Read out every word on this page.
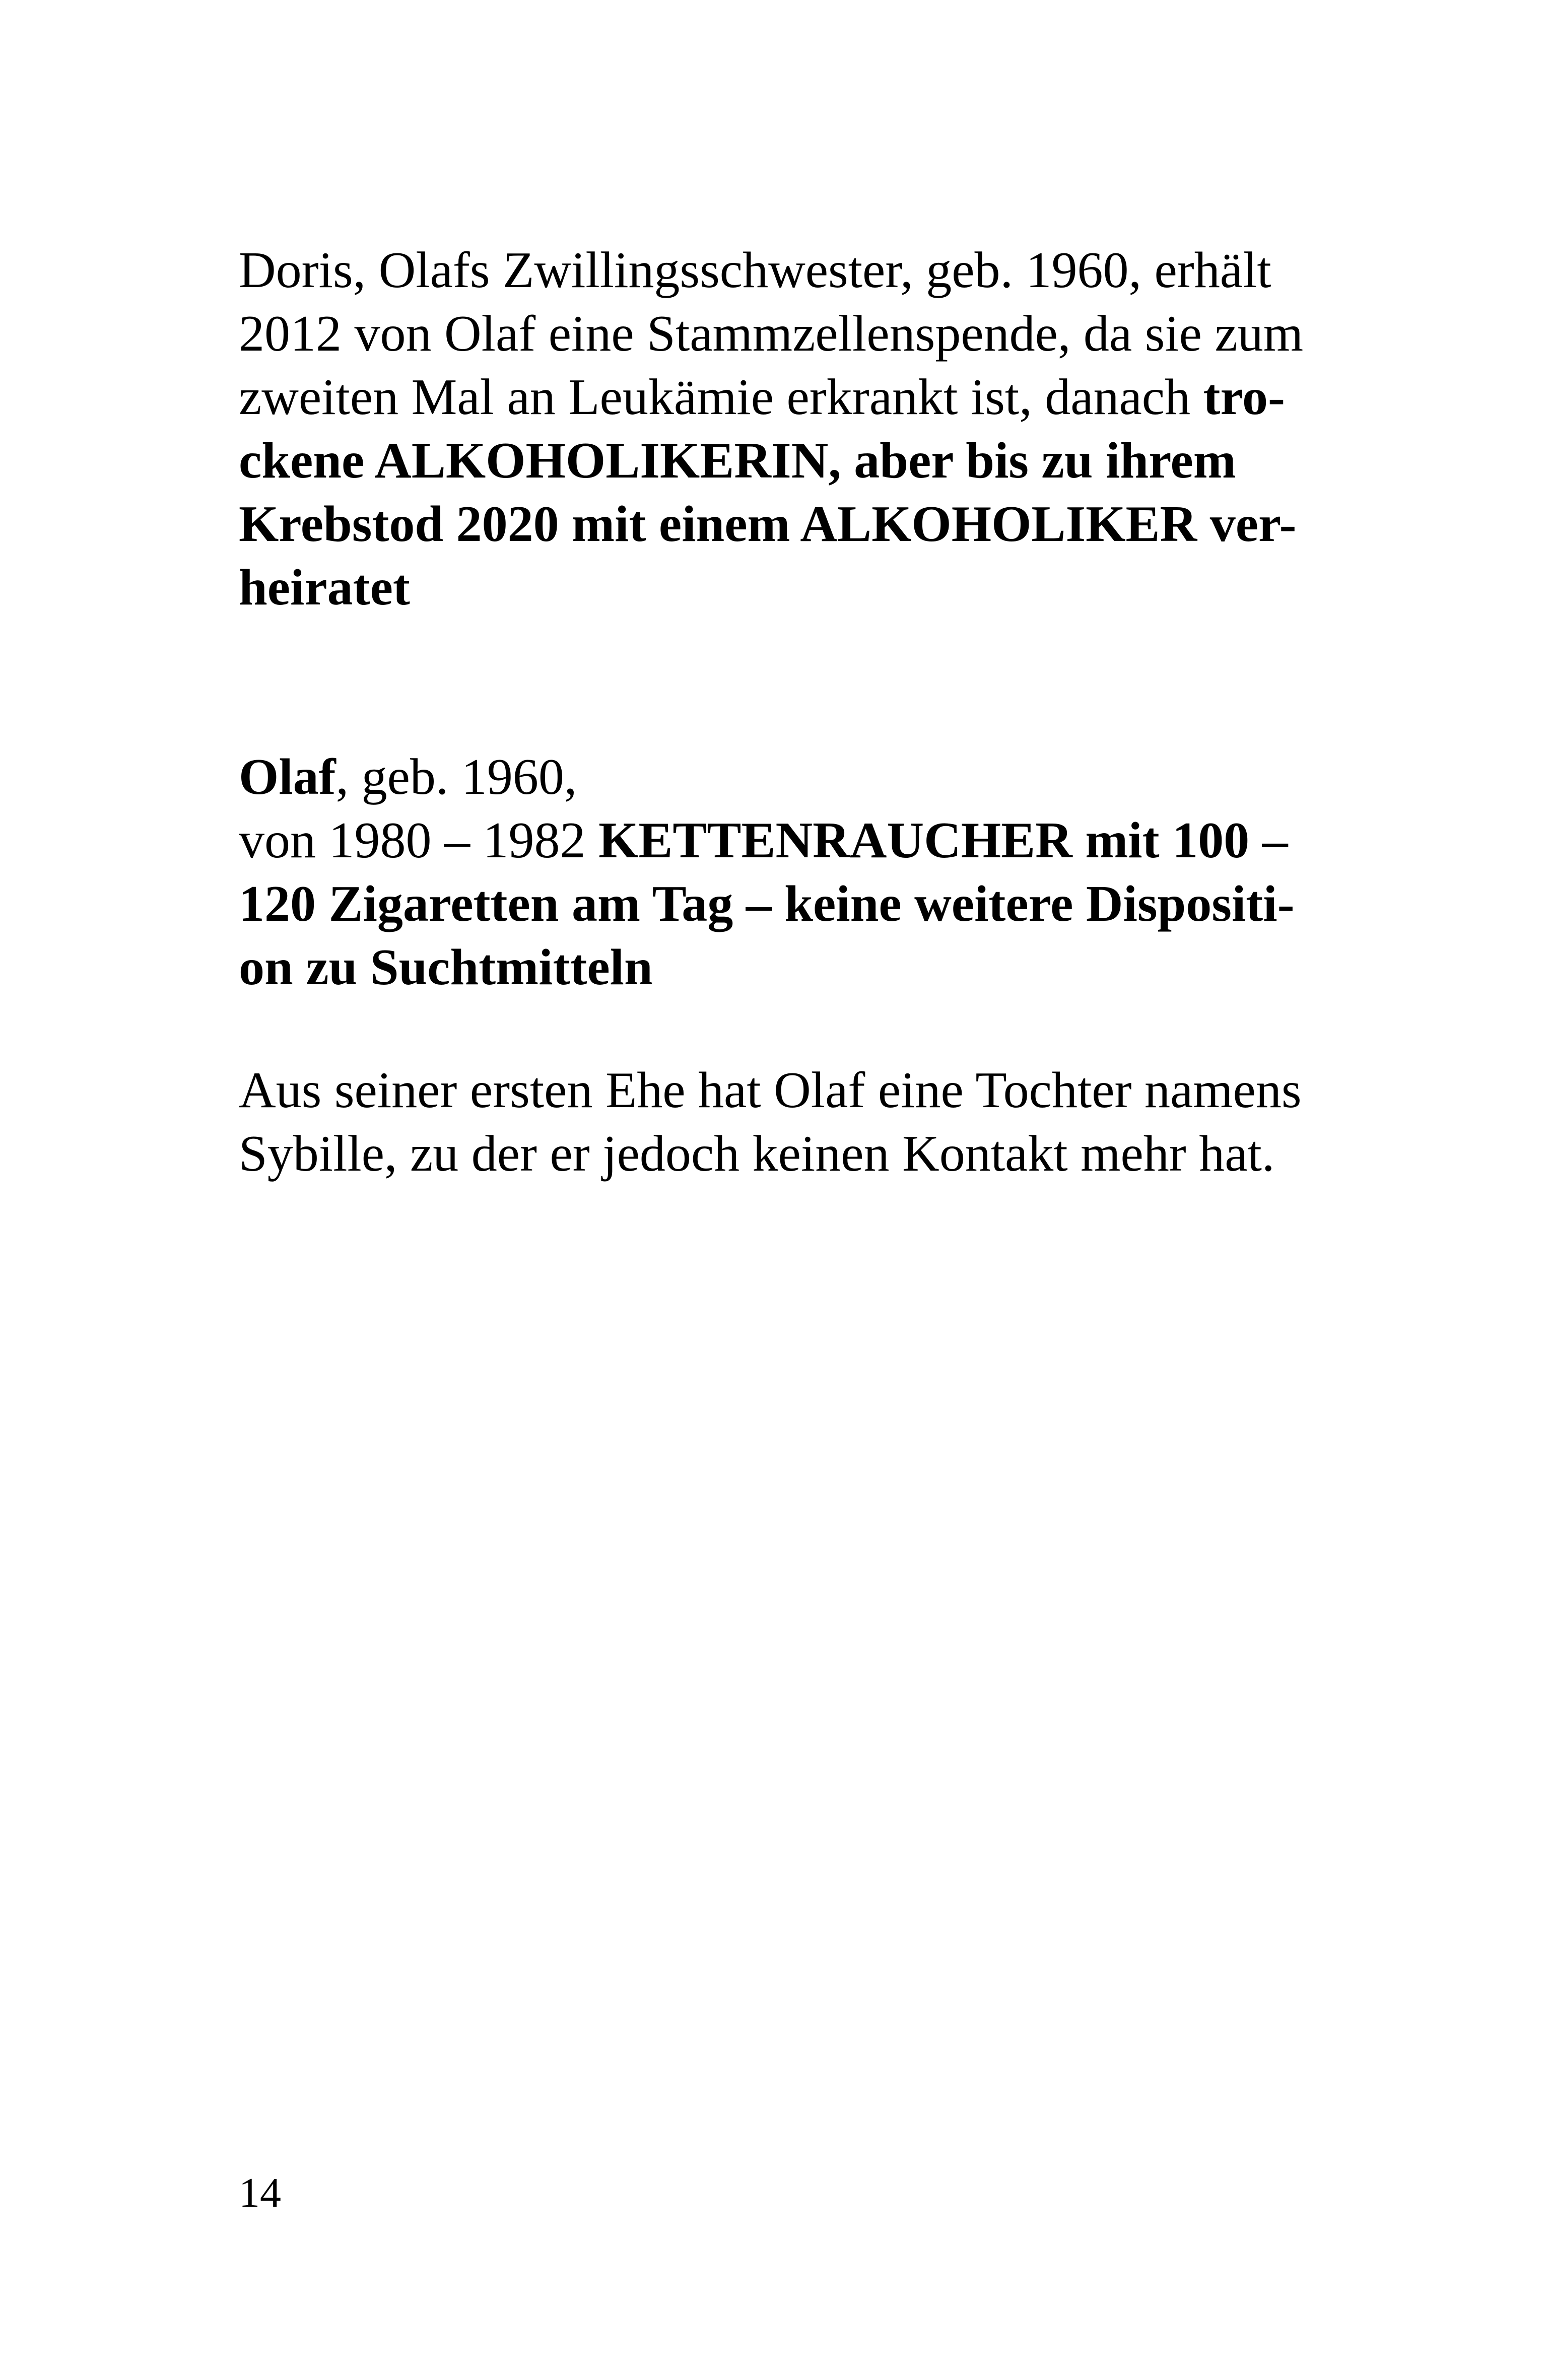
Doris, Olafs Zwillingsschwester, geb. 1960, erhält
2012 von Olaf eine Stammzellenspende, da sie zum
zweiten Mal an Leukämie erkrankt ist, danach tro-
ckene ALKOHOLIKERIN, aber bis zu ihrem
Krebstod 2020 mit einem ALKOHOLIKER ver-
heiratet
Olaf, geb. 1960,
von 1980 – 1982 KETTENRAUCHER mit 100 –
120 Zigaretten am Tag – keine weitere Dispositi-
on zu Suchtmitteln
Aus seiner ersten Ehe hat Olaf eine Tochter namens
Sybille, zu der er jedoch keinen Kontakt mehr hat.
14
